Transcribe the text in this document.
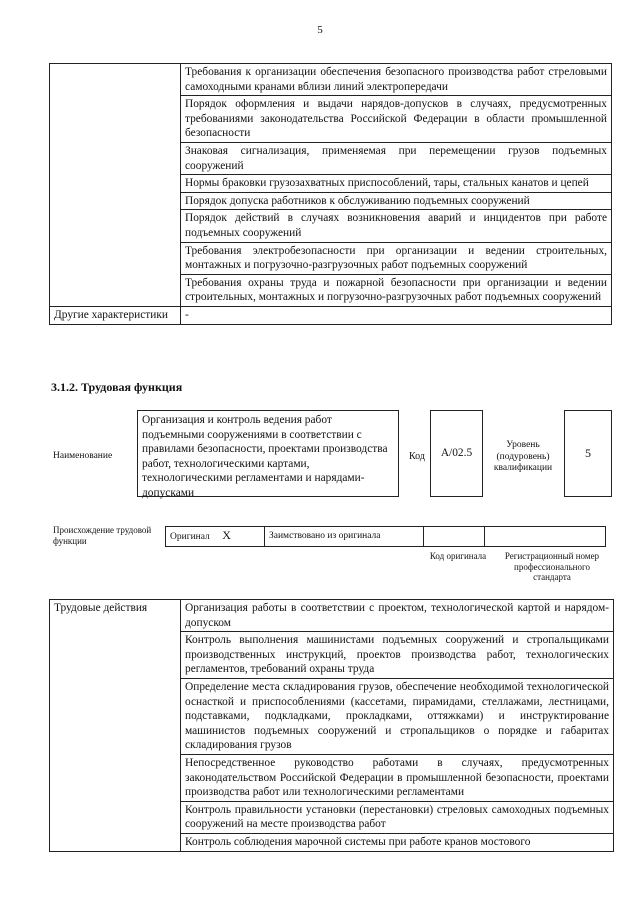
5
	Требования к организации обеспечения безопасного производства работ стреловыми самоходными кранами вблизи линий электропередачи
	Порядок оформления и выдачи нарядов-допусков в случаях, предусмотренных требованиями законодательства Российской Федерации в области промышленной безопасности
	Знаковая сигнализация, применяемая при перемещении грузов подъемных сооружений
	Нормы браковки грузозахватных приспособлений, тары, стальных канатов и цепей
	Порядок допуска работников к обслуживанию подъемных сооружений
	Порядок действий в случаях возникновения аварий и инцидентов при работе подъемных сооружений
	Требования электробезопасности при организации и ведении строительных, монтажных и погрузочно-разгрузочных работ подъемных сооружений
	Требования охраны труда и пожарной безопасности при организации и ведении строительных, монтажных и погрузочно-разгрузочных работ подъемных сооружений
Другие характеристики	-
3.1.2. Трудовая функция
Наименование
Организация и контроль ведения работ подъемными сооружениями в соответствии с правилами безопасности, проектами производства работ, технологическими картами, технологическими регламентами и нарядами-допусками
Код A/02.5
Уровень (подуровень) квалификации
5
Происхождение трудовой функции	Оригинал X	Заимствовано из оригинала		
Код оригинала	Регистрационный номер профессионального стандарта
Трудовые действия	Организация работы в соответствии с проектом, технологической картой и нарядом-допуском
Контроль выполнения машинистами подъемных сооружений и стропальщиками производственных инструкций, проектов производства работ, технологических регламентов, требований охраны труда
Определение места складирования грузов, обеспечение необходимой технологической оснасткой и приспособлениями (кассетами, пирамидами, стеллажами, лестницами, подставками, подкладками, прокладками, оттяжками) и инструктирование машинистов подъемных сооружений и стропальщиков о порядке и габаритах складирования грузов
Непосредственное руководство работами в случаях, предусмотренных законодательством Российской Федерации в промышленной безопасности, проектами производства работ или технологическими регламентами
Контроль правильности установки (перестановки) стреловых самоходных подъемных сооружений на месте производства работ
Контроль соблюдения марочной системы при работе кранов мостового
